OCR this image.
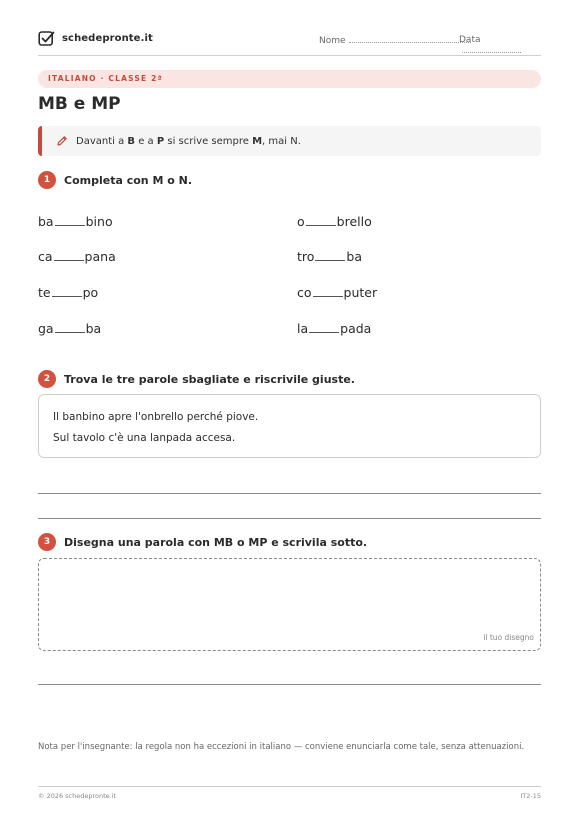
schedepronte.it	Nome	Data
ITALIANO · CLASSE 2ª
MB e MP
Davanti a B e a P si scrive sempre M, mai N.
1	Completa con M o N.
ba	bino	o	brello
ca	pana	tro	ba
te	po	co	puter
ga	ba	la	pada
2	Trova le tre parole sbagliate e riscrivile giuste.

Il banbino apre l'onbrello perché piove.

Sul tavolo c'è una lanpada accesa.

3	Disegna una parola con MB o MP e scrivila sotto.
il tuo disegno
Nota per l'insegnante: la regola non ha eccezioni in italiano — conviene enunciarla come tale, senza attenuazioni.
© 2026 schedepronte.it	IT2-15
